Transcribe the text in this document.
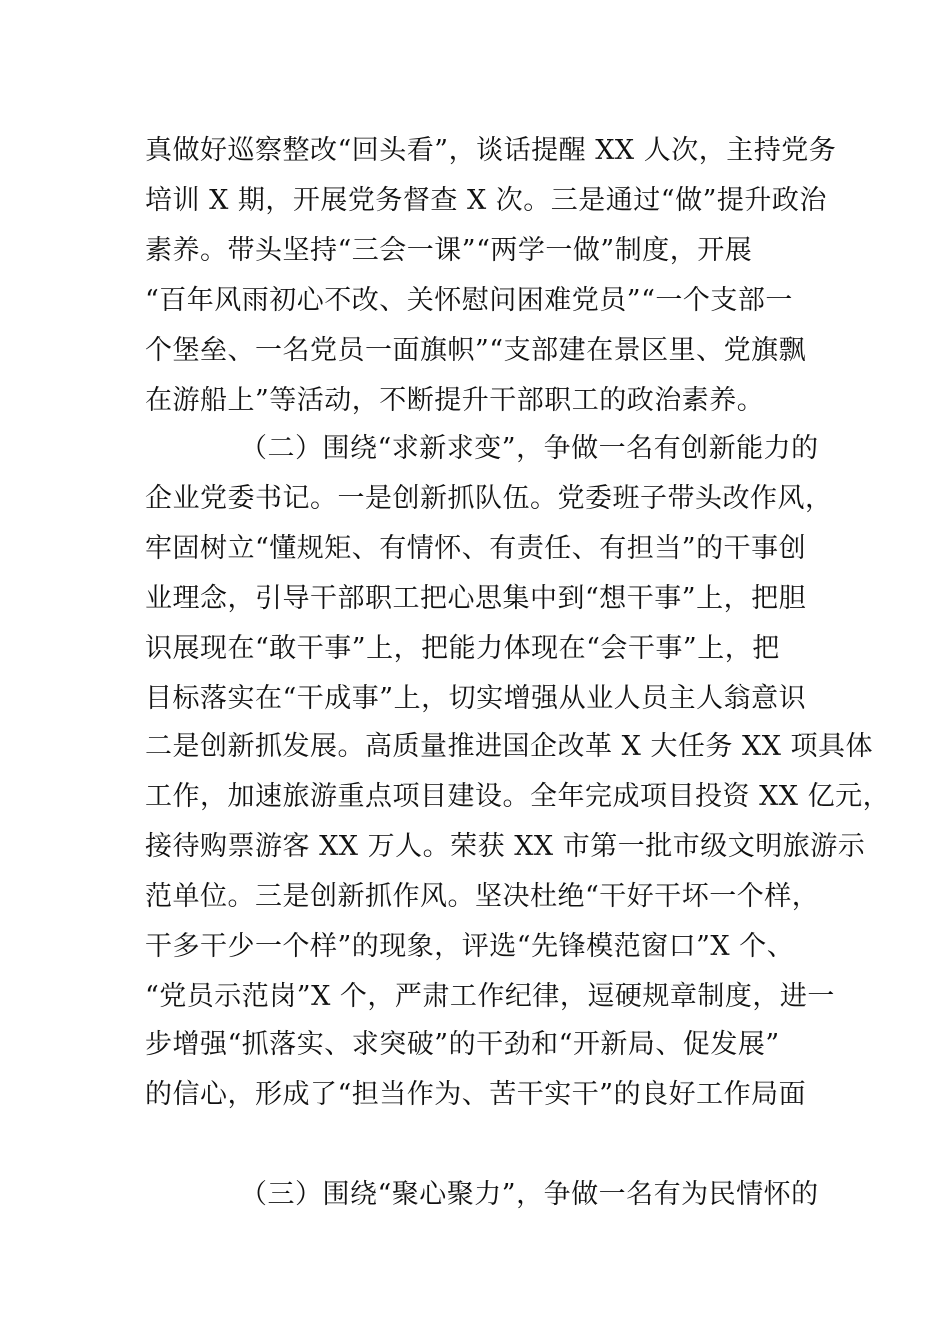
真做好巡察整改“回头看”，谈话提醒 XX 人次，主持党务
培训 X 期，开展党务督查 X 次。三是通过“做”提升政治
素养。带头坚持“三会一课”“两学一做”制度，开展
“百年风雨初心不改、关怀慰问困难党员”“一个支部一
个堡垒、一名党员一面旗帜”“支部建在景区里、党旗飘
在游船上”等活动，不断提升干部职工的政治素养。
（二）围绕“求新求变”，争做一名有创新能力的
企业党委书记。一是创新抓队伍。党委班子带头改作风，
牢固树立“懂规矩、有情怀、有责任、有担当”的干事创
业理念，引导干部职工把心思集中到“想干事”上，把胆
识展现在“敢干事”上，把能力体现在“会干事”上，把
目标落实在“干成事”上，切实增强从业人员主人翁意识
二是创新抓发展。高质量推进国企改革 X 大任务 XX 项具体
工作，加速旅游重点项目建设。全年完成项目投资 XX 亿元，
接待购票游客 XX 万人。荣获 XX 市第一批市级文明旅游示
范单位。三是创新抓作风。坚决杜绝“干好干坏一个样，
干多干少一个样”的现象，评选“先锋模范窗口”X 个、
“党员示范岗”X 个，严肃工作纪律，逗硬规章制度，进一
步增强“抓落实、求突破”的干劲和“开新局、促发展”
的信心，形成了“担当作为、苦干实干”的良好工作局面
（三）围绕“聚心聚力”，争做一名有为民情怀的
